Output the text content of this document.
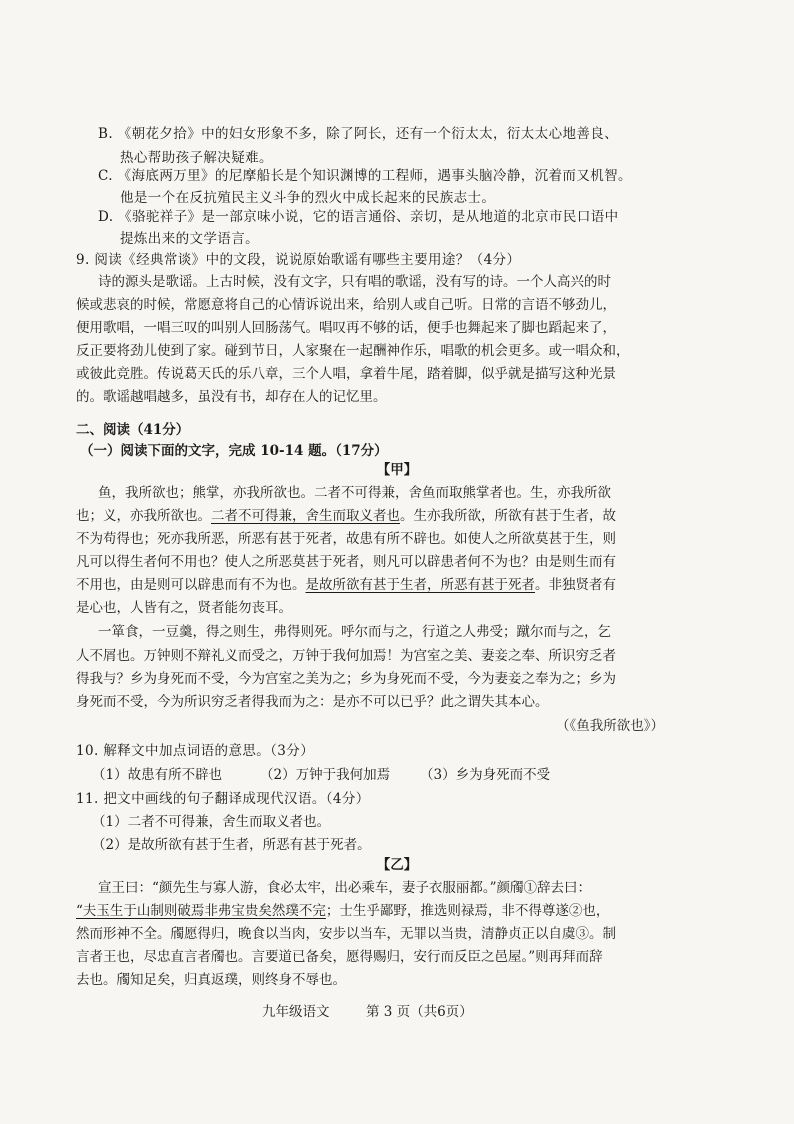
B. 《朝花夕拾》中的妇女形象不多，除了阿长，还有一个衍太太，衍太太心地善良、
热心帮助孩子解决疑难。
C. 《海底两万里》的尼摩船长是个知识渊博的工程师，遇事头脑冷静，沉着而又机智。
他是一个在反抗殖民主义斗争的烈火中成长起来的民族志士。
D. 《骆驼祥子》是一部京味小说，它的语言通俗、亲切，是从地道的北京市民口语中
提炼出来的文学语言。
9. 阅读《经典常谈》中的文段，说说原始歌谣有哪些主要用途？（4分）
诗的源头是歌谣。上古时候，没有文字，只有唱的歌谣，没有写的诗。一个人高兴的时
候或悲哀的时候，常愿意将自己的心情诉说出来，给别人或自己听。日常的言语不够劲儿，
便用歌唱，一唱三叹的叫别人回肠荡气。唱叹再不够的话，便手也舞起来了脚也蹈起来了，
反正要将劲儿使到了家。碰到节日，人家聚在一起酬神作乐，唱歌的机会更多。或一唱众和，
或彼此竞胜。传说葛天氏的乐八章，三个人唱，拿着牛尾，踏着脚，似乎就是描写这种光景
的。歌谣越唱越多，虽没有书，却存在人的记忆里。
二、阅读（41分）
（一）阅读下面的文字，完成 10-14 题。（17分）
【甲】
鱼，我所欲也；熊掌，亦我所欲也。二者不可得兼，舍鱼而取熊掌者也。生，亦我所欲
也；义，亦我所欲也。二者不可得兼，舍生而取义者也。生亦我所欲，所欲有甚于生者，故
不为苟得也；死亦我所恶，所恶有甚于死者，故患有所不辟也。如使人之所欲莫甚于生，则
凡可以得生者何不用也？使人之所恶莫甚于死者，则凡可以辟患者何不为也？由是则生而有
不用也，由是则可以辟患而有不为也。是故所欲有甚于生者，所恶有甚于死者。非独贤者有
是心也，人皆有之，贤者能勿丧耳。
一箪食，一豆羹，得之则生，弗得则死。呼尔而与之，行道之人弗受；蹴尔而与之，乞
人不屑也。万钟则不辩礼义而受之，万钟于我何加焉！为宫室之美、妻妾之奉、所识穷乏者
得我与？乡为身死而不受，今为宫室之美为之；乡为身死而不受，今为妻妾之奉为之；乡为
身死而不受，今为所识穷乏者得我而为之：是亦不可以已乎？此之谓失其本心。
（《鱼我所欲也》）
10. 解释文中加点词语的意思。（3分）
（1）故患有所不辟也	（2）万钟于我何加焉 （3）乡为身死而不受
11. 把文中画线的句子翻译成现代汉语。（4分）
（1）二者不可得兼，舍生而取义者也。
（2）是故所欲有甚于生者，所恶有甚于死者。
【乙】
宣王曰：“颜先生与寡人游，食必太牢，出必乘车，妻子衣服丽都。”颜斶①辞去曰：
“夫玉生于山制则破焉非弗宝贵矣然璞不完；士生乎鄙野，推选则禄焉，非不得尊遂②也，
然而形神不全。斶愿得归，晚食以当肉，安步以当车，无罪以当贵，清静贞正以自虞③。制
言者王也，尽忠直言者斶也。言要道已备矣，愿得赐归，安行而反臣之邑屋。”则再拜而辞
去也。斶知足矣，归真返璞，则终身不辱也。
九年级语文	第 3 页（共6页）
